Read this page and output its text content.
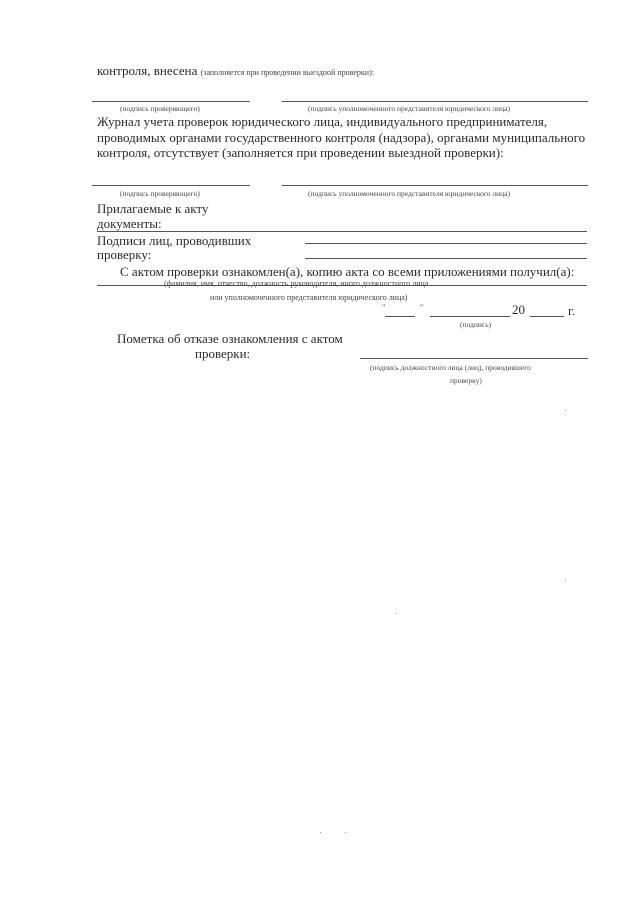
контроля, внесена (заполняется при проведении выездной проверки):
(подпись проверяющего)	(подпись уполномоченного представителя юридического лица)
Журнал учета проверок юридического лица, индивидуального предпринимателя,
проводимых органами государственного контроля (надзора), органами муниципального
контроля, отсутствует (заполняется при проведении выездной проверки):
(подпись проверяющего)	(подпись уполномоченного представителя юридического лица)
Прилагаемые к акту
документы:
Подписи лиц, проводивших
проверку:
С актом проверки ознакомлен(а), копию акта со всеми приложениями получил(а):
(фамилия, имя, отчество, должность руководителя, иного должностного лица
или уполномоченного представителя юридического лица)
"	"	20	г.
(подпись)
Пометка об отказе ознакомления с актом
проверки:
(подпись должностного лица (лиц), проводившего
проверку)
